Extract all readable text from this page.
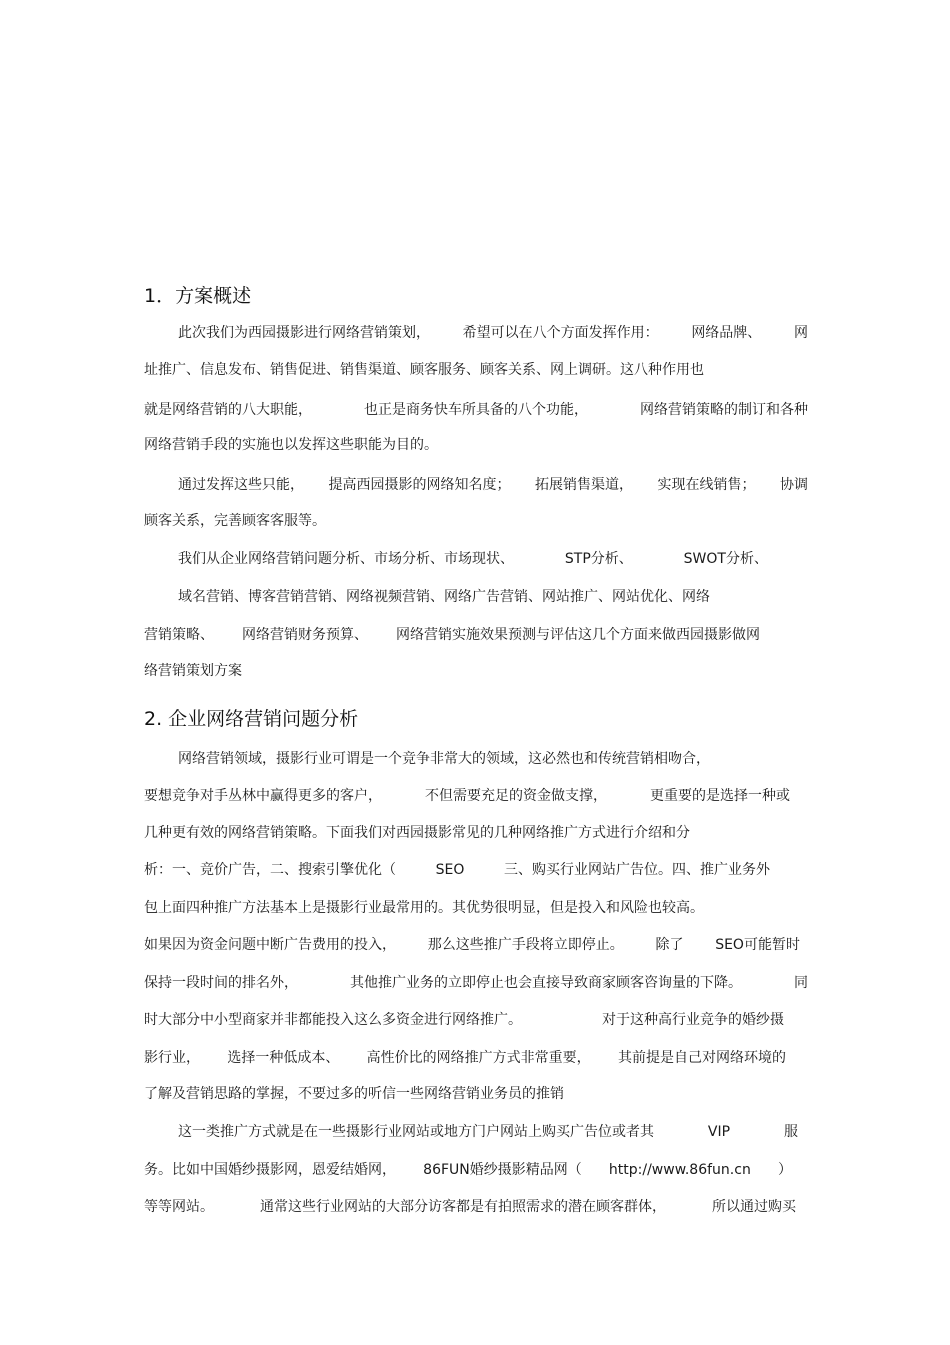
1．方案概述
此次我们为西园摄影进行网络营销策划， 希望可以在八个方面发挥作用： 网络品牌、 网
址推广、信息发布、销售促进、销售渠道、顾客服务、顾客关系、网上调研。这八种作用也
就是网络营销的八大职能，	也正是商务快车所具备的八个功能，	网络营销策略的制订和各种
网络营销手段的实施也以发挥这些职能为目的。
通过发挥这些只能， 提高西园摄影的网络知名度； 拓展销售渠道， 实现在线销售； 协调
顾客关系，完善顾客客服等。
我们从企业网络营销问题分析、市场分析、市场现状、	STP分析、	SWOT分析、
域名营销、博客营销营销、网络视频营销、网络广告营销、网站推广、网站优化、网络
营销策略、 网络营销财务预算、 网络营销实施效果预测与评估这几个方面来做西园摄影做网
络营销策划方案
2. 企业网络营销问题分析
网络营销领域，摄影行业可谓是一个竞争非常大的领域，这必然也和传统营销相吻合，
要想竞争对手丛林中赢得更多的客户，	不但需要充足的资金做支撑，	更重要的是选择一种或
几种更有效的网络营销策略。下面我们对西园摄影常见的几种网络推广方式进行介绍和分
析：一、竞价广告，二、搜索引擎优化（	SEO	三、购买行业网站广告位。四、推广业务外
包上面四种推广方法基本上是摄影行业最常用的。其优势很明显，但是投入和风险也较高。
如果因为资金问题中断广告费用的投入， 那么这些推广手段将立即停止。 除了 SEO可能暂时
保持一段时间的排名外，	其他推广业务的立即停止也会直接导致商家顾客咨询量的下降。	同
时大部分中小型商家并非都能投入这么多资金进行网络推广。	对于这种高行业竞争的婚纱摄
影行业， 选择一种低成本、 高性价比的网络推广方式非常重要， 其前提是自己对网络环境的
了解及营销思路的掌握，不要过多的听信一些网络营销业务员的推销
这一类推广方式就是在一些摄影行业网站或地方门户网站上购买广告位或者其	VIP	服
务。比如中国婚纱摄影网，恩爱结婚网， 86FUN婚纱摄影精品网（ http://www.86fun.cn ）
等等网站。	通常这些行业网站的大部分访客都是有拍照需求的潜在顾客群体，	所以通过购买
